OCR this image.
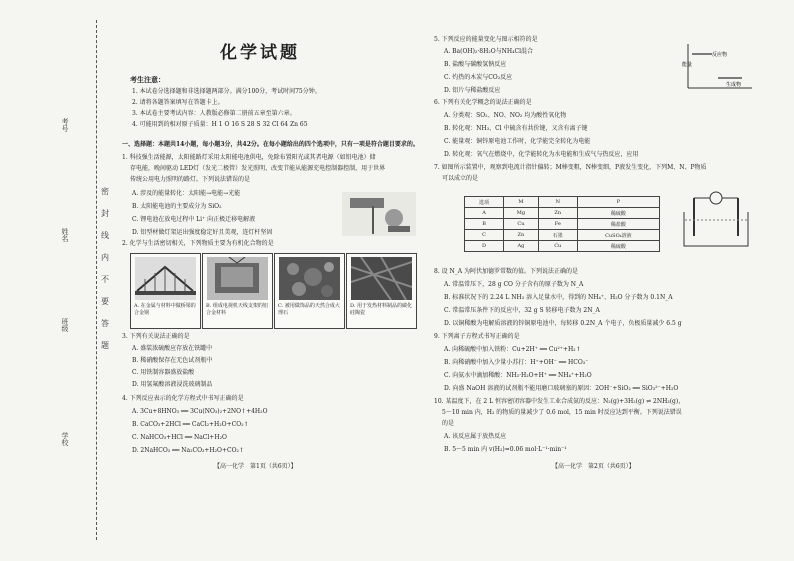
考号
姓名
班级
学校
密
封
线
内
不
要
答
题
化学试题
考生注意：
1. 本试卷分选择题和非选择题两部分。满分100分，考试时间75分钟。
2. 请将各题答案填写在答题卡上。
3. 本试卷主要考试内容：人教版必修第二册前五章至第六章。
4. 可能用到的相对原子质量：H 1 O 16 S 28 S 32 Cl 64 Zn 65
一、选择题：本题共14小题，每小题3分，共42分。在每小题给出的四个选项中，只有一项是符合题目要求的。
1. 科技强生活能源，太阳能路灯采用太阳能电池供电，免除布置阳光或其者电源（如铅电池）储
存电能，晚间驱动 LED灯（发光二极管）发光照明，改变节能从能源充电控制器控制，用于世界
传统公用电力照明的路灯。下列说法错误的是
A. 涉及的能量转化：太阳能→电能→光能
B. 太阳能电池的主要成分为 SiO₂
C. 锂电池在放电过程中 Li⁺ 向正极迁移电解液
D. 铝型材做灯架运出强度稳定好且美观，连灯杆坚固
2. 化学与生活密切相关，下列物质主要为有机化合物的是
A. 在金属与材料中做桥梁的合金钢
B. 组成电视机天线支架的铝合金材料
C. 被用做饰品的天然合成大理石
D. 用于发热材料制品的碳化硅陶瓷
3. 下列有关说法正确的是
A. 盛装浓硫酸应存放在铁罐中
B. 稀硝酸保存在无色试剂瓶中
C. 用铁制容器盛放盐酸
D. 用氢氟酸溶液浸洗玻璃制品
4. 下列反应表示的化学方程式中书写正确的是
A. 3Cu+8HNO₃ ══ 3Cu(NO₃)₂+2NO↑+4H₂O
B. CaCO₃+2HCl ══ CaCl₂+H₂O+CO₂↑
C. NaHCO₃+HCl ══ NaCl+H₂O
D. 2NaHCO₃ ══ Na₂CO₃+H₂O+CO₂↑
【高一化学　第1页（共6页）】
5. 下列反应的能量变化与图示相符的是
A. Ba(OH)₂·8H₂O与NH₄Cl混合
B. 盐酸与碳酸氢钠反应
C. 灼热的木炭与CO₂反应
D. 铝片与稀盐酸反应
反应物
生成物
能量
6. 下列有关化学概念的说法正确的是
A. 分类观：SO₂、NO、NO₂ 均为酸性氧化物
B. 转化观：NH₃、Cl 中硫含有共价键，又含有离子键
C. 能量观：铜锌原电池工作时，化学能完全转化为电能
D. 转化观：氧气在燃烧中，化学能转化为水电能和生成气与热反应，应用
7. 如图所示装置中，观察到电流计指针偏转；M棒变粗，N棒变细，P液发生变化，下列M、N、P物质
可以成立的是
选项	M	N	P
A	Mg	Zn	稀硫酸
B	Cu	Fe	稀盐酸
C	Zn	石墨	CuSO₄溶液
D	Ag	Cu	稀硫酸
8. 设 N_A 为阿伏加德罗常数的值。下列说法正确的是
A. 常温常压下，28 g CO 分子含有的原子数为 N_A
B. 标准状况下的 2.24 L NH₃ 溶入足量水中，得到的 NH₄⁺、H₂O 分子数为 0.1N_A
C. 常温常压条件下的反应中，32 g S 转移电子数为 2N_A
D. 以铜稀酸为电解质溶液的锌铜原电池中，每转移 0.2N_A 个电子，负极质量减少 6.5 g
9. 下列离子方程式书写正确的是
A. 向稀硫酸中加入铁粉：Cu+2H⁺ ══ Cu²⁺+H₂↑
B. 向稀硝酸中加入少量小苏打：H⁺+OH⁻ ══ HCO₃⁻
C. 向氨水中滴加稀酸：NH₃·H₂O+H⁺ ══ NH₄⁺+H₂O
D. 向盛 NaOH 溶液的试剂瓶不能用磨口玻璃塞的原因：2OH⁻+SiO₂ ══ SiO₃²⁻+H₂O
10. 某温度下，在 2 L 恒容密闭容器中发生工业合成氨的反应：N₂(g)+3H₂(g) ⇌ 2NH₃(g)，
5～10 min 内，H₂ 的物质的量减少了 0.6 mol，15 min 时反应达到平衡。下列说法错误
的是
A. 该反应属于放热反应
B. 5～5 min 内 v(H₂)=0.06 mol·L⁻¹·min⁻¹
【高一化学　第2页（共6页）】
